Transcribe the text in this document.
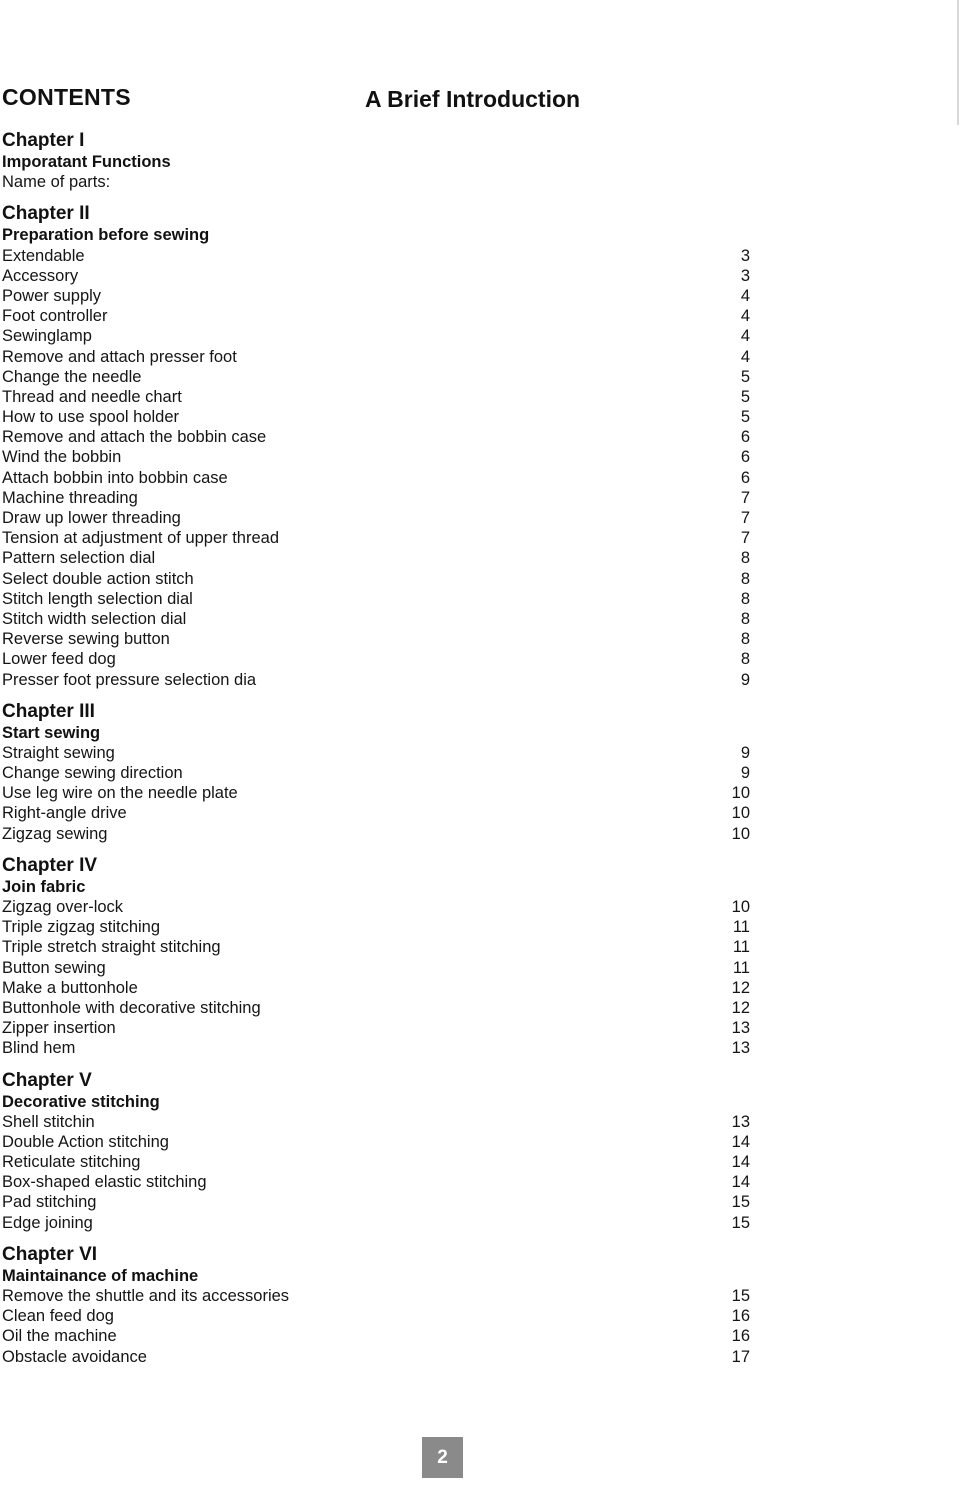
CONTENTS	A Brief Introduction
Chapter I
Imporatant Functions
Name of parts:
Chapter II
Preparation before sewing
Extendable	3
Accessory	3
Power supply	4
Foot controller	4
Sewinglamp	4
Remove and attach presser foot	4
Change the needle	5
Thread and needle chart	5
How to use spool holder	5
Remove and attach the bobbin case	6
Wind the bobbin	6
Attach bobbin into bobbin case	6
Machine threading	7
Draw up lower threading	7
Tension at adjustment of upper thread	7
Pattern selection dial	8
Select double action stitch	8
Stitch length selection dial	8
Stitch width selection dial	8
Reverse sewing button	8
Lower feed dog	8
Presser foot pressure selection dia	9
Chapter III
Start sewing
Straight sewing	9
Change sewing direction	9
Use leg wire on the needle plate	10
Right-angle drive	10
Zigzag sewing	10
Chapter IV
Join fabric
Zigzag over-lock	10
Triple zigzag stitching	11
Triple stretch straight stitching	11
Button sewing	11
Make a buttonhole	12
Buttonhole with decorative stitching	12
Zipper insertion	13
Blind hem	13
Chapter V
Decorative stitching
Shell stitchin	13
Double Action stitching	14
Reticulate stitching	14
Box-shaped elastic stitching	14
Pad stitching	15
Edge joining	15
Chapter VI
Maintainance of machine
Remove the shuttle and its accessories	15
Clean feed dog	16
Oil the machine	16
Obstacle avoidance	17
2
